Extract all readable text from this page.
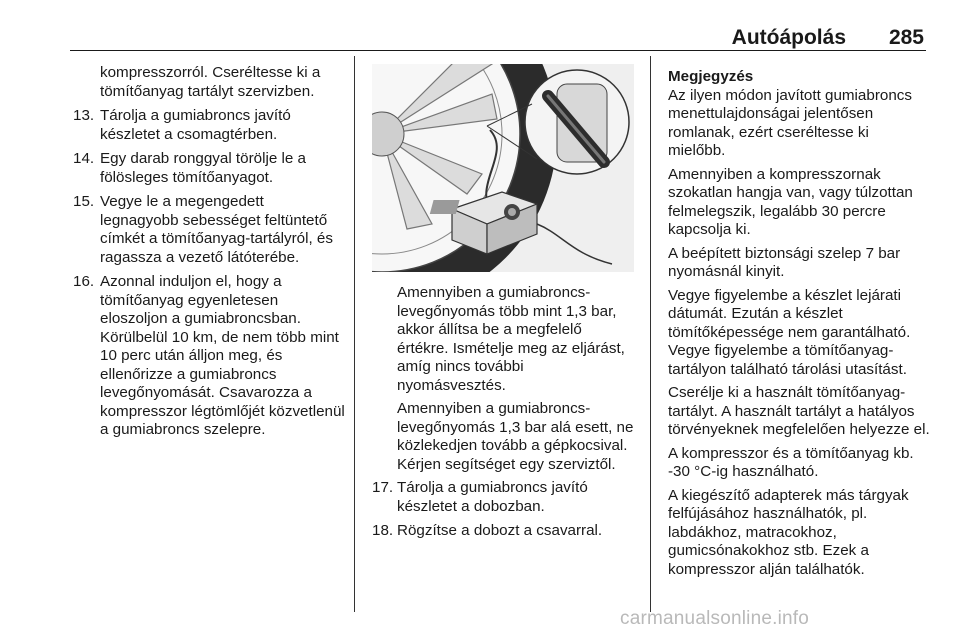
Autóápolás 285
kompresszorról. Cseréltesse ki a tömítőanyag tartályt szervizben.
13. Tárolja a gumiabroncs javító készletet a csomagtérben.
14. Egy darab ronggyal törölje le a fölösleges tömítőanyagot.
15. Vegye le a megengedett legnagyobb sebességet feltüntető címkét a tömítőanyag-tartályról, és ragassza a vezető látóterébe.
16. Azonnal induljon el, hogy a tömítőanyag egyenletesen eloszoljon a gumiabroncsban. Körülbelül 10 km, de nem több mint 10 perc után álljon meg, és ellenőrizze a gumiabroncs levegőnyomását. Csavarozza a kompresszor légtömlőjét közvetlenül a gumiabroncs szelepre.

Amennyiben a gumiabroncs-levegőnyomás több mint 1,3 bar, akkor állítsa be a megfelelő értékre. Ismételje meg az eljárást, amíg nincs további nyomásvesztés.

Amennyiben a gumiabroncs-levegőnyomás 1,3 bar alá esett, ne közlekedjen tovább a gépkocsival. Kérjen segítséget egy szerviztől.

17. Tárolja a gumiabroncs javító készletet a dobozban.
18. Rögzítse a dobozt a csavarral.
Megjegyzés

Az ilyen módon javított gumiabroncs menettulajdonságai jelentősen romlanak, ezért cseréltesse ki mielőbb.

Amennyiben a kompresszornak szokatlan hangja van, vagy túlzottan felmelegszik, legalább 30 percre kapcsolja ki.

A beépített biztonsági szelep 7 bar nyomásnál kinyit.

Vegye figyelembe a készlet lejárati dátumát. Ezután a készlet tömítőképessége nem garantálható. Vegye figyelembe a tömítőanyag-tartályon található tárolási utasítást.

Cserélje ki a használt tömítőanyag-tartályt. A használt tartályt a hatályos törvényeknek megfelelően helyezze el.

A kompresszor és a tömítőanyag kb. -30 °C-ig használható.

A kiegészítő adapterek más tárgyak felfújásához használhatók, pl. labdákhoz, matracokhoz, gumicsónakokhoz stb. Ezek a kompresszor alján találhatók.

carmanualsonline.info
